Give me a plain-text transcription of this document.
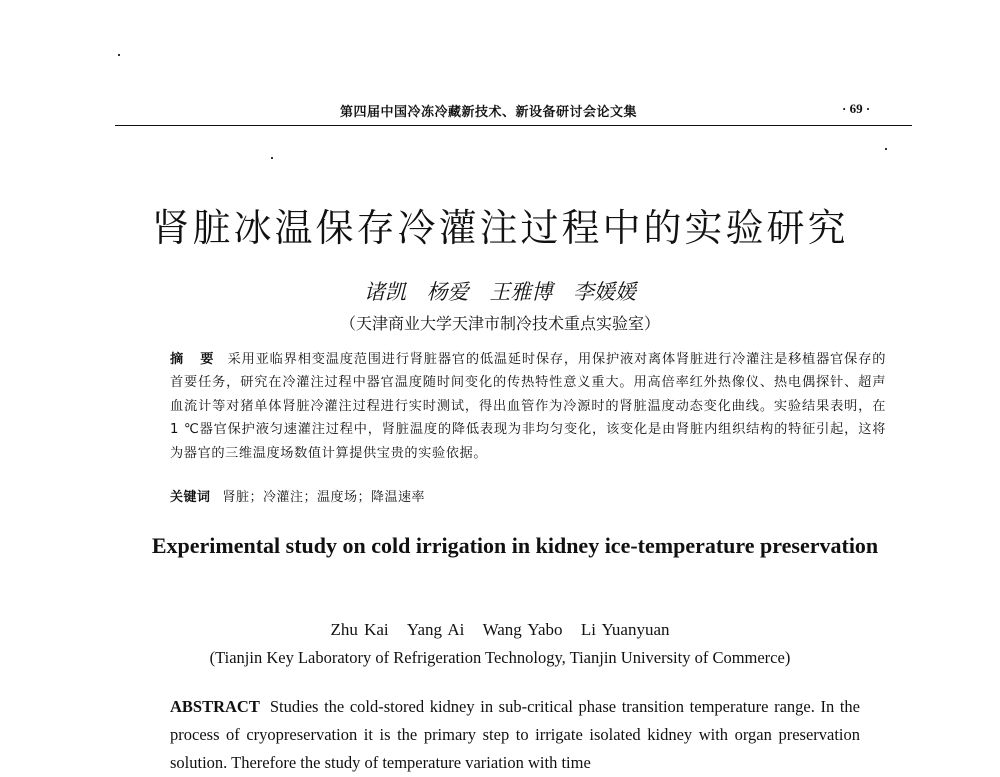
第四届中国冷冻冷藏新技术、新设备研讨会论文集	· 69 ·
肾脏冰温保存冷灌注过程中的实验研究
诸凯 杨爱 王雅博 李媛媛
（天津商业大学天津市制冷技术重点实验室）
摘 要 采用亚临界相变温度范围进行肾脏器官的低温延时保存，用保护液对离体肾脏进行冷灌注是移植器官保存的首要任务，研究在冷灌注过程中器官温度随时间变化的传热特性意义重大。用高倍率红外热像仪、热电偶探针、超声血流计等对猪单体肾脏冷灌注过程进行实时测试，得出血管作为冷源时的肾脏温度动态变化曲线。实验结果表明，在 1 ℃器官保护液匀速灌注过程中，肾脏温度的降低表现为非均匀变化，该变化是由肾脏内组织结构的特征引起，这将为器官的三维温度场数值计算提供宝贵的实验依据。
关键词 肾脏；冷灌注；温度场；降温速率
Experimental study on cold irrigation in kidney ice-temperature preservation
Zhu Kai Yang Ai Wang Yabo Li Yuanyuan
(Tianjin Key Laboratory of Refrigeration Technology, Tianjin University of Commerce)
ABSTRACT Studies the cold-stored kidney in sub-critical phase transition temperature range. In the process of cryopreservation it is the primary step to irrigate isolated kidney with organ preservation solution. Therefore the study of temperature variation with time
